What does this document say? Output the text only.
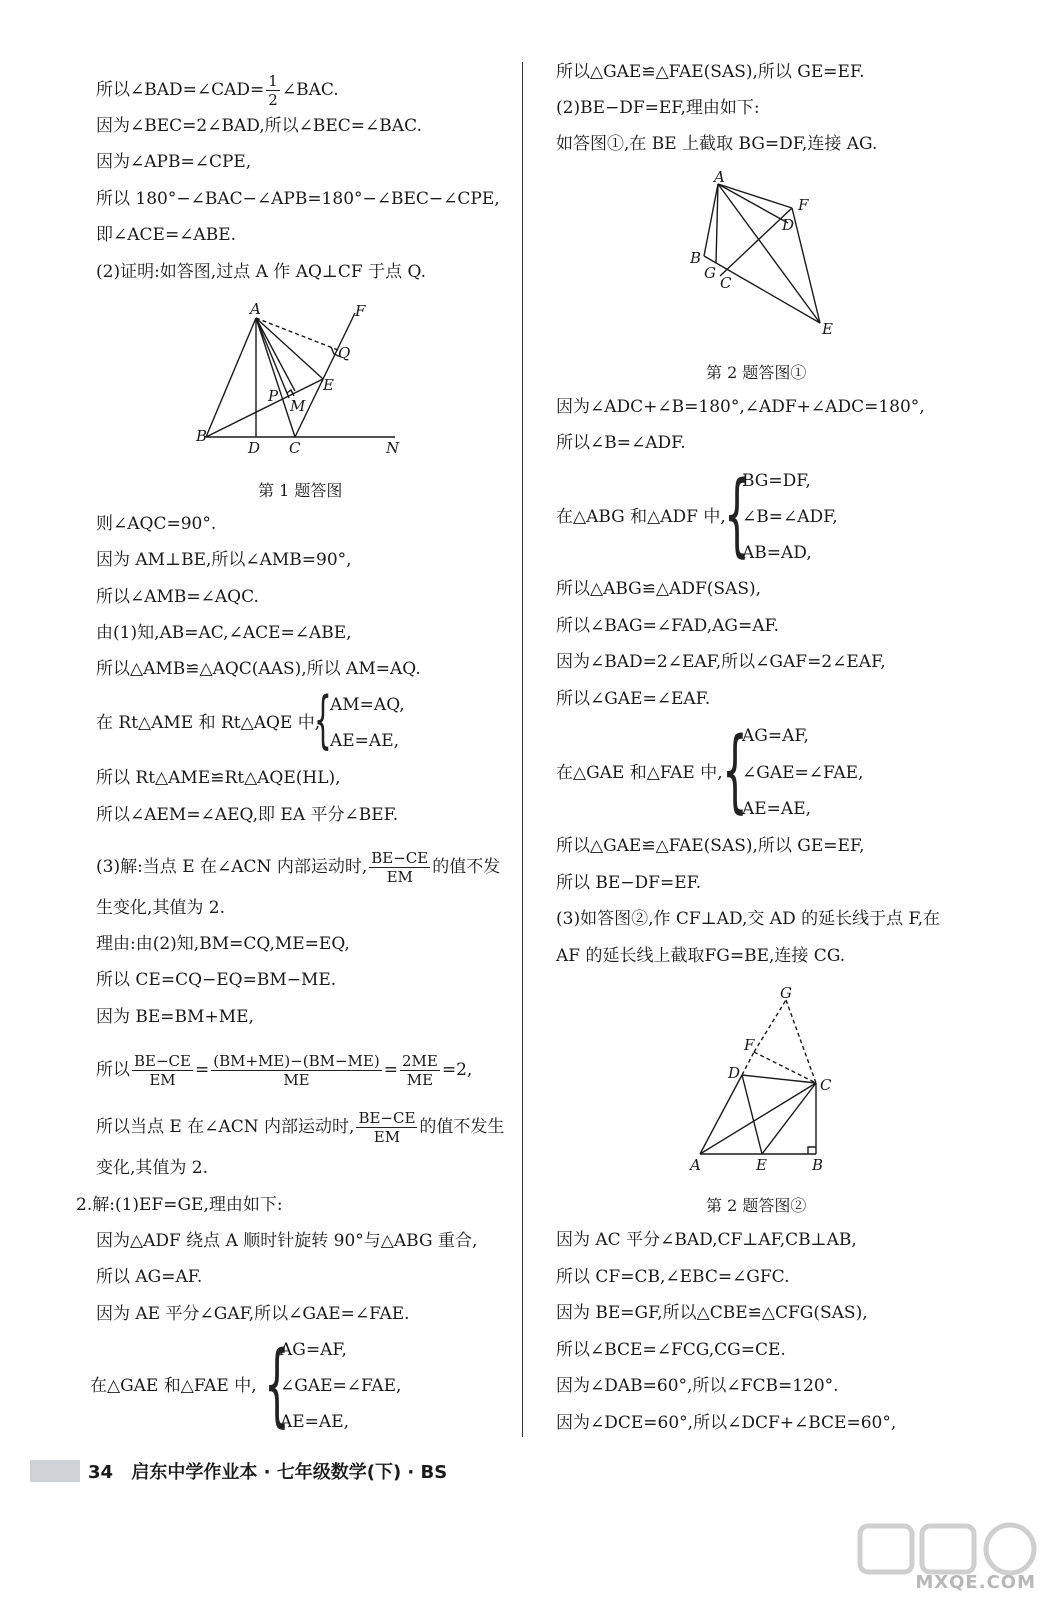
所以∠BAD=∠CAD= $\frac{1}{2}$ ∠BAC.
因为∠BEC=2∠BAD,所以∠BEC=∠BAC.
因为∠APB=∠CPE,
所以 180°−∠BAC−∠APB=180°−∠BEC−∠CPE,
即∠ACE=∠ABE.
(2)证明:如答图,过点 A 作 AQ⊥CF 于点 Q.
A	F
Q
E
P
M
B
D C	N
第 1 题答图
则∠AQC=90°.
因为 AM⊥BE,所以∠AMB=90°,
所以∠AMB=∠AQC.
由(1)知,AB=AC,∠ACE=∠ABE,
所以△AMB≌△AQC(AAS),所以 AM=AQ.
在 Rt△AME 和 Rt△AQE 中,
{
AM=AQ,
AE=AE,
所以 Rt△AME≌Rt△AQE(HL),
所以∠AEM=∠AEQ,即 EA 平分∠BEF.
(3)解:当点 E 在∠ACN 内部运动时, $\frac{BE-CE}{EM}$ 的值不发
生变化,其值为 2.
理由:由(2)知,BM=CQ,ME=EQ,
所以 CE=CQ−EQ=BM−ME.
因为 BE=BM+ME,
所以 $\frac{BE-CE}{EM} = \frac{(BM+ME)-(BM-ME)}{ME} = \frac{2ME}{ME} =2$,
所以当点 E 在∠ACN 内部运动时, $\frac{BE-CE}{EM}$ 的值不发生
变化,其值为 2.
2.解:(1)EF=GE,理由如下:
因为△ADF 绕点 A 顺时针旋转 90°与△ABG 重合,
所以 AG=AF.
因为 AE 平分∠GAF,所以∠GAE=∠FAE.
在△GAE 和△FAE 中, {
AG=AF,
∠GAE=∠FAE,
AE=AE,
所以△GAE≌△FAE(SAS),所以 GE=EF.
(2)BE−DF=EF,理由如下:
如答图①,在 BE 上截取 BG=DF,连接 AG.
A
F
D
B
G
C
E
第 2 题答图①
因为∠ADC+∠B=180°,∠ADF+∠ADC=180°,
所以∠B=∠ADF.
在△ABG 和△ADF 中,
{
BG=DF,
∠B=∠ADF,
AB=AD,
所以△ABG≌△ADF(SAS),
所以∠BAG=∠FAD,AG=AF.
因为∠BAD=2∠EAF,所以∠GAF=2∠EAF,
所以∠GAE=∠EAF.
在△GAE 和△FAE 中, {
AG=AF,
∠GAE=∠FAE,
AE=AE,
所以△GAE≌△FAE(SAS),所以 GE=EF,
所以 BE−DF=EF.
(3)如答图②,作 CF⊥AD,交 AD 的延长线于点 F,在
AF 的延长线上截取FG=BE,连接 CG.
G
F
D
C
A	E	B
第 2 题答图②
因为 AC 平分∠BAD,CF⊥AF,CB⊥AB,
所以 CF=CB,∠EBC=∠GFC.
因为 BE=GF,所以△CBE≌△CFG(SAS),
所以∠BCE=∠FCG,CG=CE.
因为∠DAB=60°,所以∠FCB=120°.
因为∠DCE=60°,所以∠DCF+∠BCE=60°,
34 启东中学作业本 · 七年级数学(下) · BS
MXQE.COM
